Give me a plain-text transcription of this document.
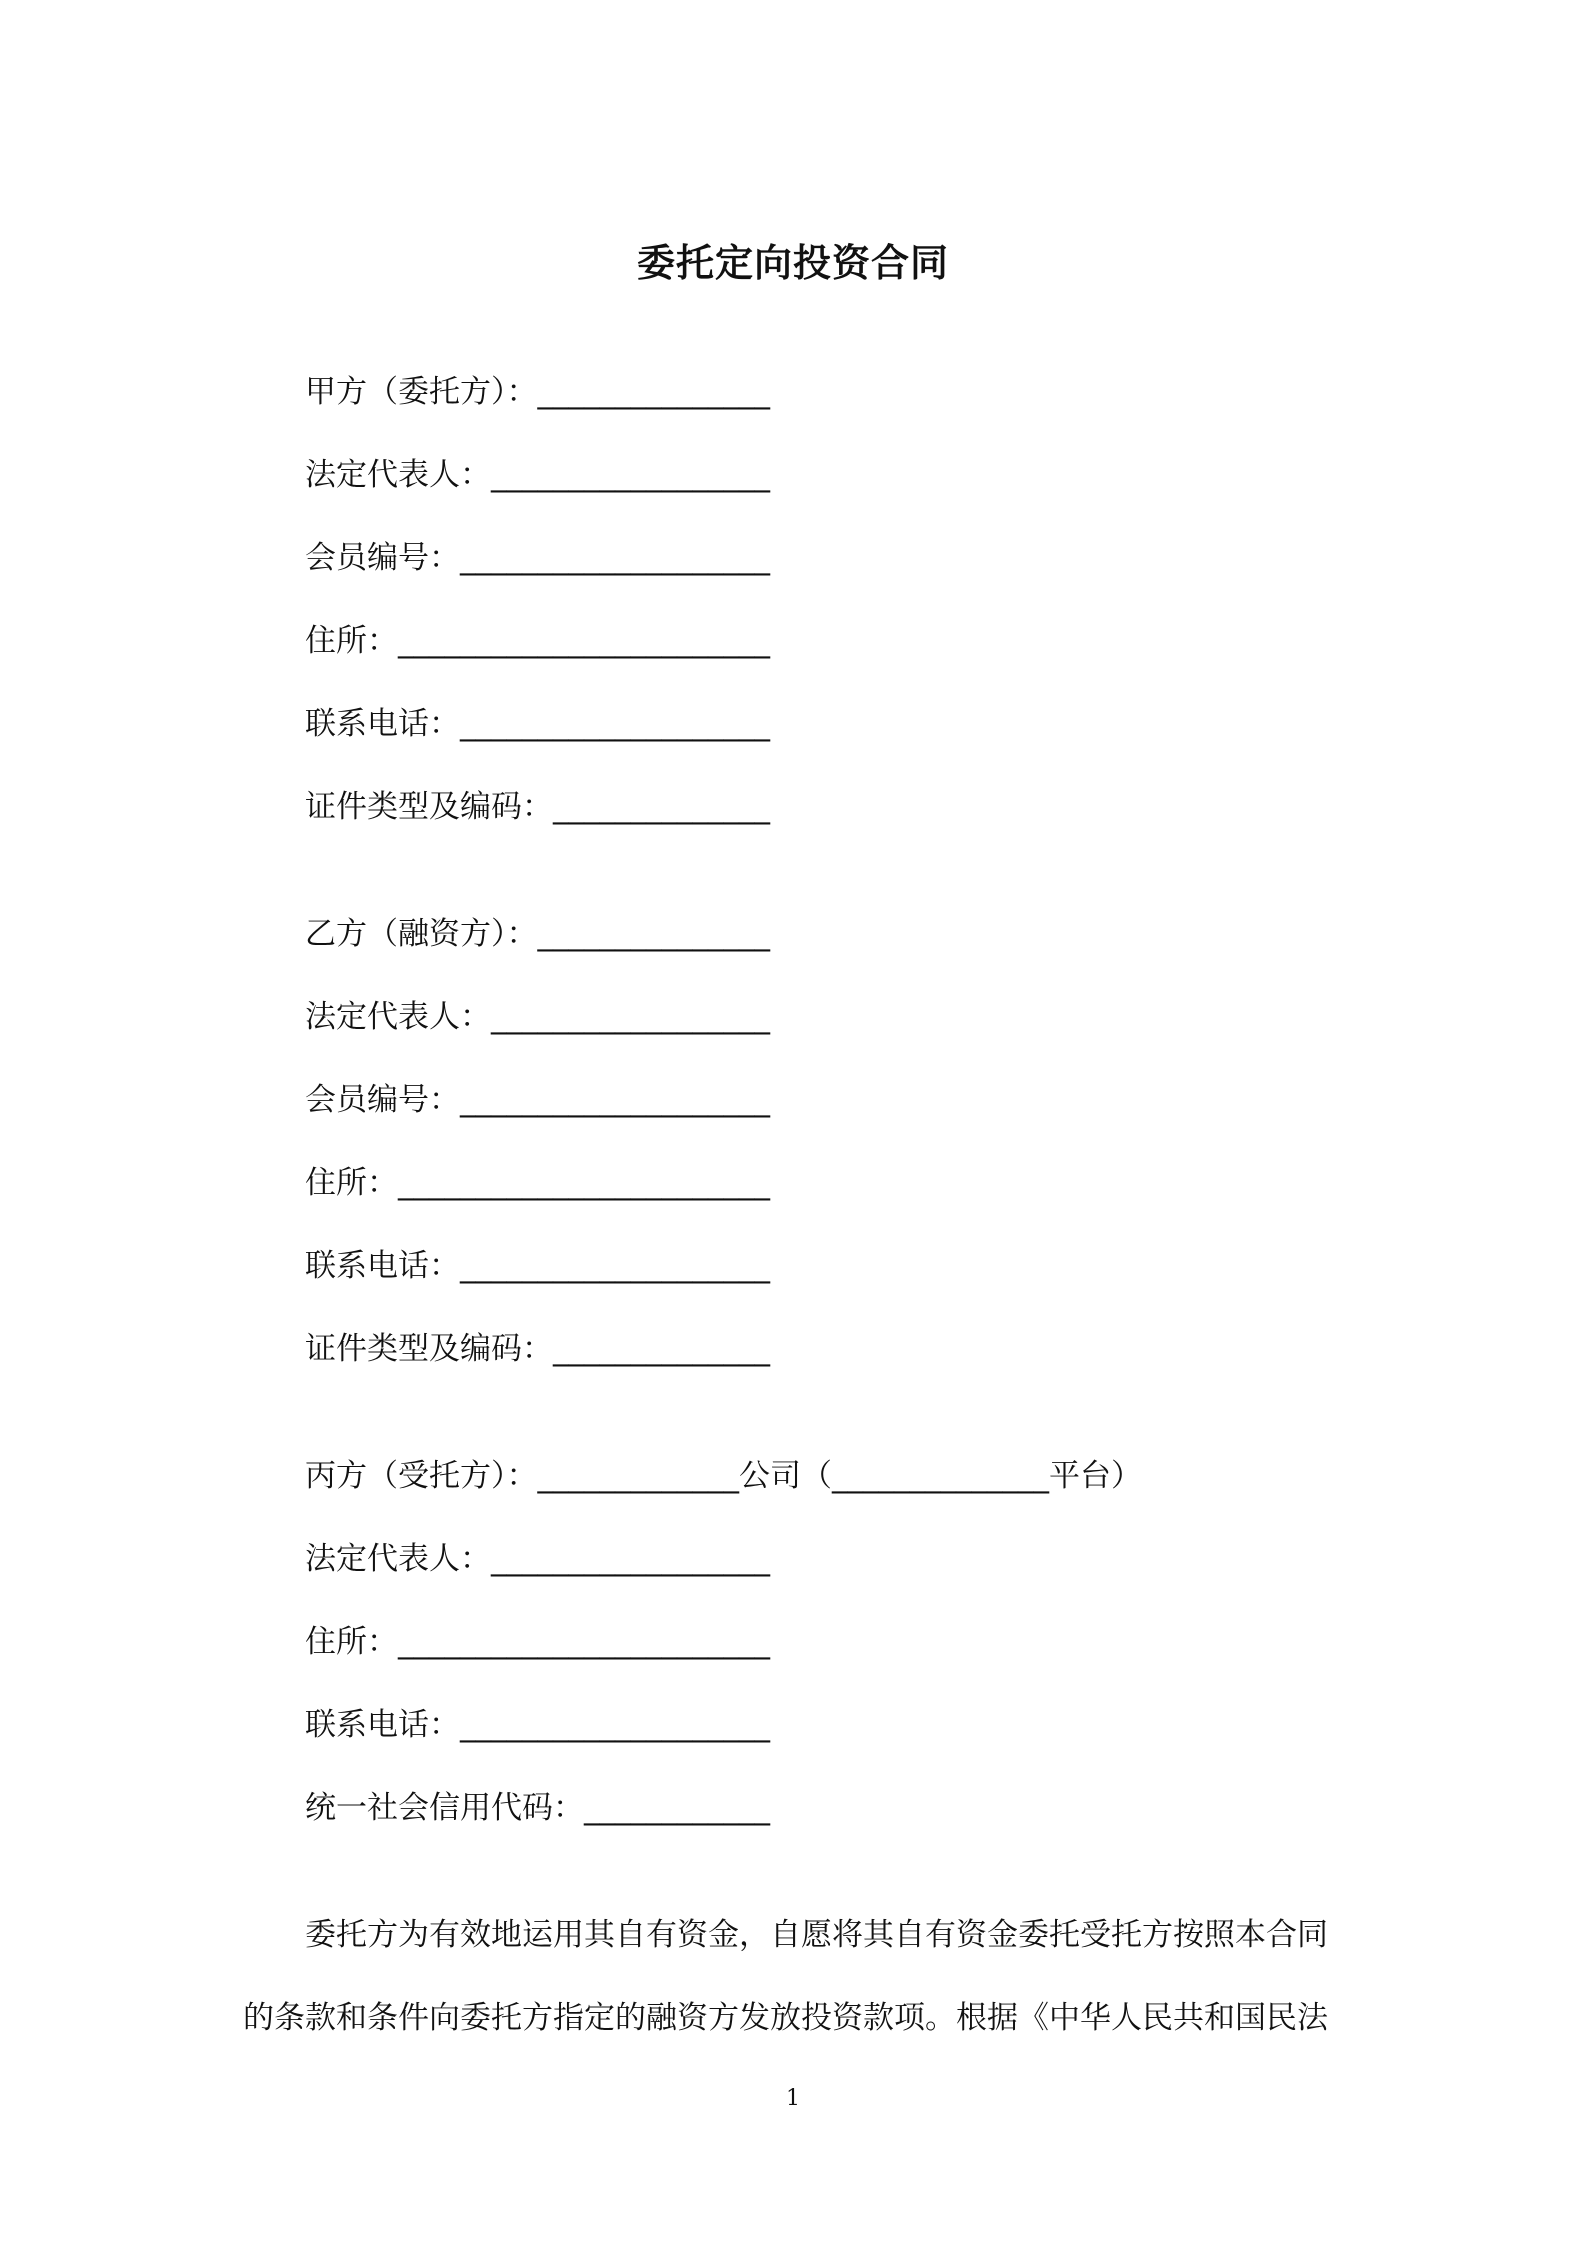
委托定向投资合同
甲方（委托方）：_______________
法定代表人：__________________
会员编号：____________________
住所：________________________
联系电话：____________________
证件类型及编码：______________
乙方（融资方）：_______________
法定代表人：__________________
会员编号：____________________
住所：________________________
联系电话：____________________
证件类型及编码：______________
丙方（受托方）：_____________公司（______________平台）
法定代表人：__________________
住所：________________________
联系电话：____________________
统一社会信用代码：____________
委托方为有效地运用其自有资金，自愿将其自有资金委托受托方按照本合同
的条款和条件向委托方指定的融资方发放投资款项。根据《中华人民共和国民法
1
